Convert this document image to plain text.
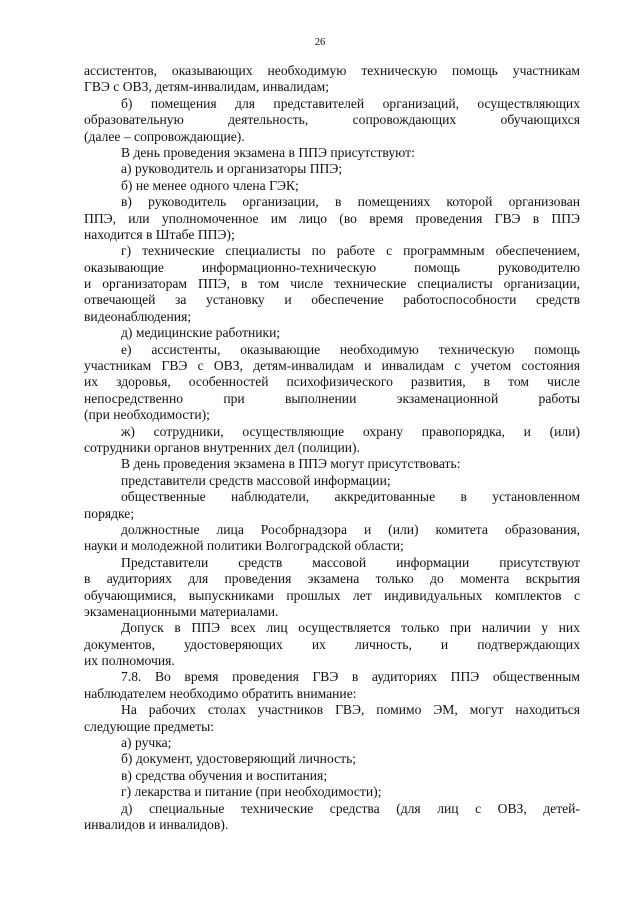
26
ассистентов, оказывающих необходимую техническую помощь участникам
ГВЭ с ОВЗ, детям-инвалидам, инвалидам;
б) помещения для представителей организаций, осуществляющих
образовательную деятельность, сопровождающих обучающихся
(далее – сопровождающие).
В день проведения экзамена в ППЭ присутствуют:
а) руководитель и организаторы ППЭ;
б) не менее одного члена ГЭК;
в) руководитель организации, в помещениях которой организован
ППЭ, или уполномоченное им лицо (во время проведения ГВЭ в ППЭ
находится в Штабе ППЭ);
г) технические специалисты по работе с программным обеспечением,
оказывающие информационно-техническую помощь руководителю
и организаторам ППЭ, в том числе технические специалисты организации,
отвечающей за установку и обеспечение работоспособности средств
видеонаблюдения;
д) медицинские работники;
е) ассистенты, оказывающие необходимую техническую помощь
участникам ГВЭ с ОВЗ, детям-инвалидам и инвалидам с учетом состояния
их здоровья, особенностей психофизического развития, в том числе
непосредственно при выполнении экзаменационной работы
(при необходимости);
ж) сотрудники, осуществляющие охрану правопорядка, и (или)
сотрудники органов внутренних дел (полиции).
В день проведения экзамена в ППЭ могут присутствовать:
представители средств массовой информации;
общественные наблюдатели, аккредитованные в установленном
порядке;
должностные лица Рособрнадзора и (или) комитета образования,
науки и молодежной политики Волгоградской области;
Представители средств массовой информации присутствуют
в аудиториях для проведения экзамена только до момента вскрытия
обучающимися, выпускниками прошлых лет индивидуальных комплектов с
экзаменационными материалами.
Допуск в ППЭ всех лиц осуществляется только при наличии у них
документов, удостоверяющих их личность, и подтверждающих
их полномочия.
7.8. Во время проведения ГВЭ в аудиториях ППЭ общественным
наблюдателем необходимо обратить внимание:
На рабочих столах участников ГВЭ, помимо ЭМ, могут находиться
следующие предметы:
а) ручка;
б) документ, удостоверяющий личность;
в) средства обучения и воспитания;
г) лекарства и питание (при необходимости);
д) специальные технические средства (для лиц с ОВЗ, детей-
инвалидов и инвалидов).
